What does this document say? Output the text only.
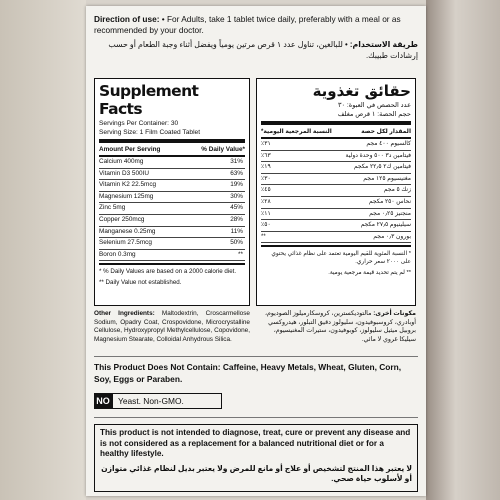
Direction of use: • For Adults, take 1 tablet twice daily, preferably with a meal or as recommended by your doctor.
طريقة الاستخدام: • للبالغين، تناول عدد ١ قرص مرتين يومياً ويفضل أثناء وجبة الطعام أو حسب إرشادات طبيبك.
Supplement Facts
Servings Per Container: 30
Serving Size: 1 Film Coated Tablet
Amount Per Serving	% Daily Value*
Calcium 400mg	31%
Vitamin D3 500IU	63%
Vitamin K2 22.5mcg	19%
Magnesium 125mg	30%
Zinc 5mg	45%
Copper 250mcg	28%
Manganese 0.25mg	11%
Selenium 27.5mcg	50%
Boron 0.3mg	**

* % Daily Values are based on a 2000 calorie diet.

** Daily Value not established.

حقائق تغذوية
عدد الحصص في العبوة: ٣٠
حجم الحصة: ١ قرص مغلف
المقدار لكل حصة
النسبة المرجعية اليومية*
كالسيوم ٤٠٠ مجم
٣١٪
فيتامين د٣ ٥٠٠ وحدة دولية
٦٣٪
فيتامين ك٢ ٢٢٫٥ مكجم
١٩٪
مغنيسيوم ١٢٥ مجم
٣٠٪
زنك ٥ مجم
٤٥٪
نحاس ٢٥٠ مكجم
٢٨٪
منجنيز ٠٫٢٥ مجم
١١٪
سيلينيوم ٢٧٫٥ مكجم
٥٠٪
بورون ٠٫٣ مجم
**

* النسبة المئوية للقيم اليومية تعتمد على نظام غذائي يحتوي على ٢٠٠٠ سعر حراري.

** لم يتم تحديد قيمة مرجعية يومية.

Other Ingredients: Maltodextrin, Croscarmellose Sodium, Opadry Coat, Crospovidone, Microcrystalline Cellulose, Hydroxypropyl Methylcellulose, Copovidone, Magnesium Stearate, Colloidal Anhydrous Silica.
مكونات أخرى: مالتوديكسترين، كروسكارميلوز الصوديوم، أوبادري، كروسبوفيدون، سليولوز دقيق التبلور، هيدروكسي بروبيل ميثيل سليولوز، كوبوفيدون، ستيرات المغنيسيوم، سيليكا غروي لا مائي.
This Product Does Not Contain: Caffeine, Heavy Metals, Wheat, Gluten, Corn, Soy, Eggs or Paraben.
NO Yeast. Non-GMO.
This product is not intended to diagnose, treat, cure or prevent any disease and is not considered as a replacement for a balanced nutritional diet or for a healthy lifestyle.
لا يعتبر هذا المنتج لتشخيص أو علاج أو مانع للمرض ولا يعتبر بديل لنظام غذائي متوازن أو لأسلوب حياة صحي.
